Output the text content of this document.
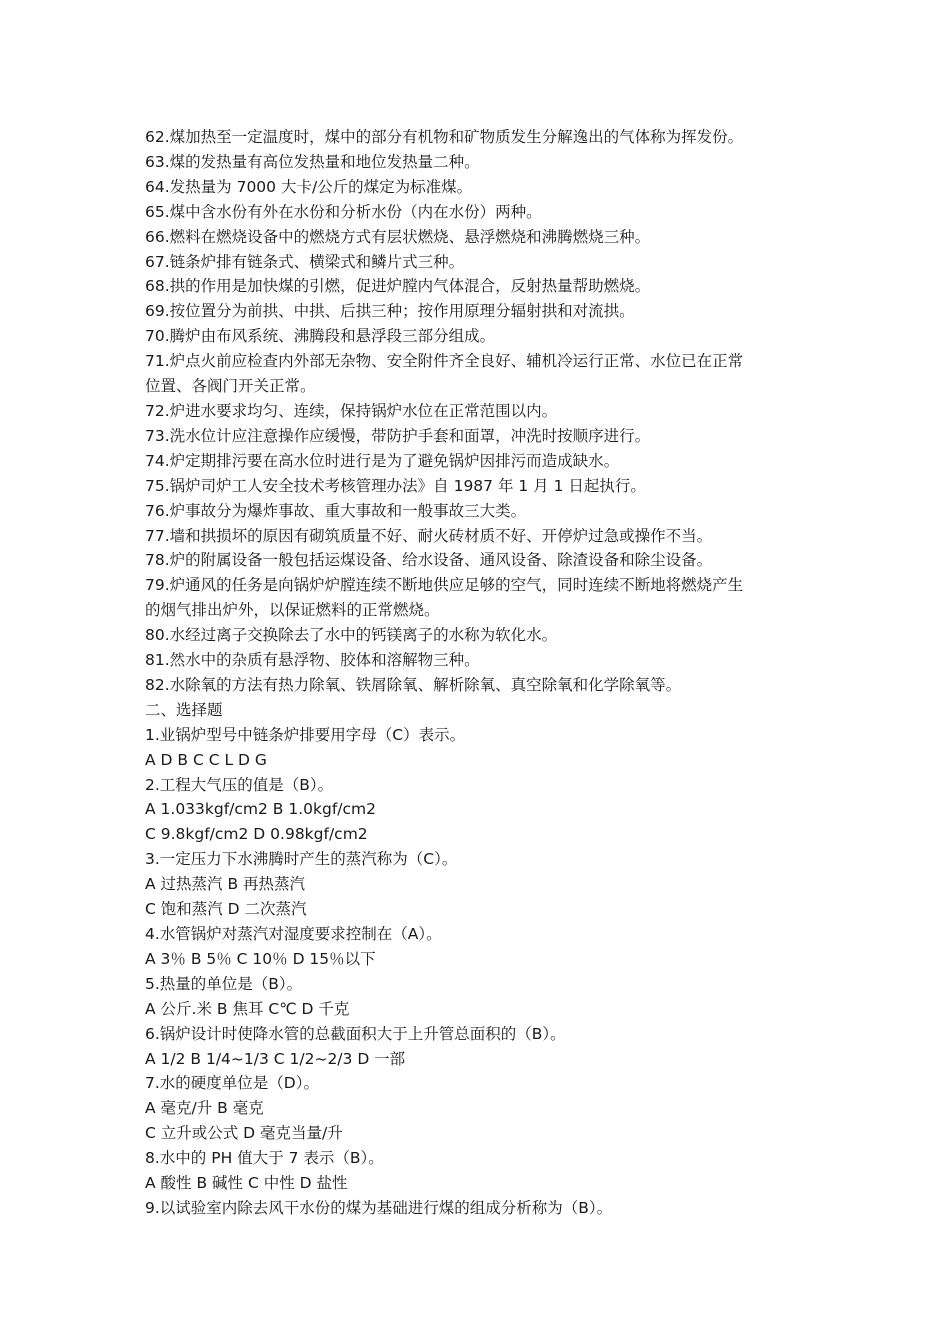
62.煤加热至一定温度时，煤中的部分有机物和矿物质发生分解逸出的气体称为挥发份。

63.煤的发热量有高位发热量和地位发热量二种。

64.发热量为 7000 大卡/公斤的煤定为标准煤。

65.煤中含水份有外在水份和分析水份（内在水份）两种。

66.燃料在燃烧设备中的燃烧方式有层状燃烧、悬浮燃烧和沸腾燃烧三种。

67.链条炉排有链条式、横梁式和鳞片式三种。

68.拱的作用是加快煤的引燃，促进炉膛内气体混合，反射热量帮助燃烧。

69.按位置分为前拱、中拱、后拱三种；按作用原理分辐射拱和对流拱。

70.腾炉由布风系统、沸腾段和悬浮段三部分组成。

71.炉点火前应检查内外部无杂物、安全附件齐全良好、辅机冷运行正常、水位已在正常

位置、各阀门开关正常。

72.炉进水要求均匀、连续，保持锅炉水位在正常范围以内。

73.洗水位计应注意操作应缓慢，带防护手套和面罩，冲洗时按顺序进行。

74.炉定期排污要在高水位时进行是为了避免锅炉因排污而造成缺水。

75.锅炉司炉工人安全技术考核管理办法》自 1987 年 1 月 1 日起执行。

76.炉事故分为爆炸事故、重大事故和一般事故三大类。

77.墙和拱损坏的原因有砌筑质量不好、耐火砖材质不好、开停炉过急或操作不当。

78.炉的附属设备一般包括运煤设备、给水设备、通风设备、除渣设备和除尘设备。

79.炉通风的任务是向锅炉炉膛连续不断地供应足够的空气，同时连续不断地将燃烧产生

的烟气排出炉外，以保证燃料的正常燃烧。

80.水经过离子交换除去了水中的钙镁离子的水称为软化水。

81.然水中的杂质有悬浮物、胶体和溶解物三种。

82.水除氧的方法有热力除氧、铁屑除氧、解析除氧、真空除氧和化学除氧等。

二、选择题

1.业锅炉型号中链条炉排要用字母（C）表示。

A D B C C L D G

2.工程大气压的值是（B）。

A 1.033kgf/cm2 B 1.0kgf/cm2

C 9.8kgf/cm2 D 0.98kgf/cm2

3.一定压力下水沸腾时产生的蒸汽称为（C）。

A 过热蒸汽 B 再热蒸汽

C 饱和蒸汽 D 二次蒸汽

4.水管锅炉对蒸汽对湿度要求控制在（A）。

A 3％ B 5％ C 10％ D 15％以下

5.热量的单位是（B）。

A 公斤.米 B 焦耳 C℃ D 千克

6.锅炉设计时使降水管的总截面积大于上升管总面积的（B）。

A 1/2 B 1/4~1/3 C 1/2~2/3 D 一部

7.水的硬度单位是（D）。

A 毫克/升 B 毫克

C 立升或公式 D 毫克当量/升

8.水中的 PH 值大于 7 表示（B）。

A 酸性 B 碱性 C 中性 D 盐性

9.以试验室内除去风干水份的煤为基础进行煤的组成分析称为（B）。
